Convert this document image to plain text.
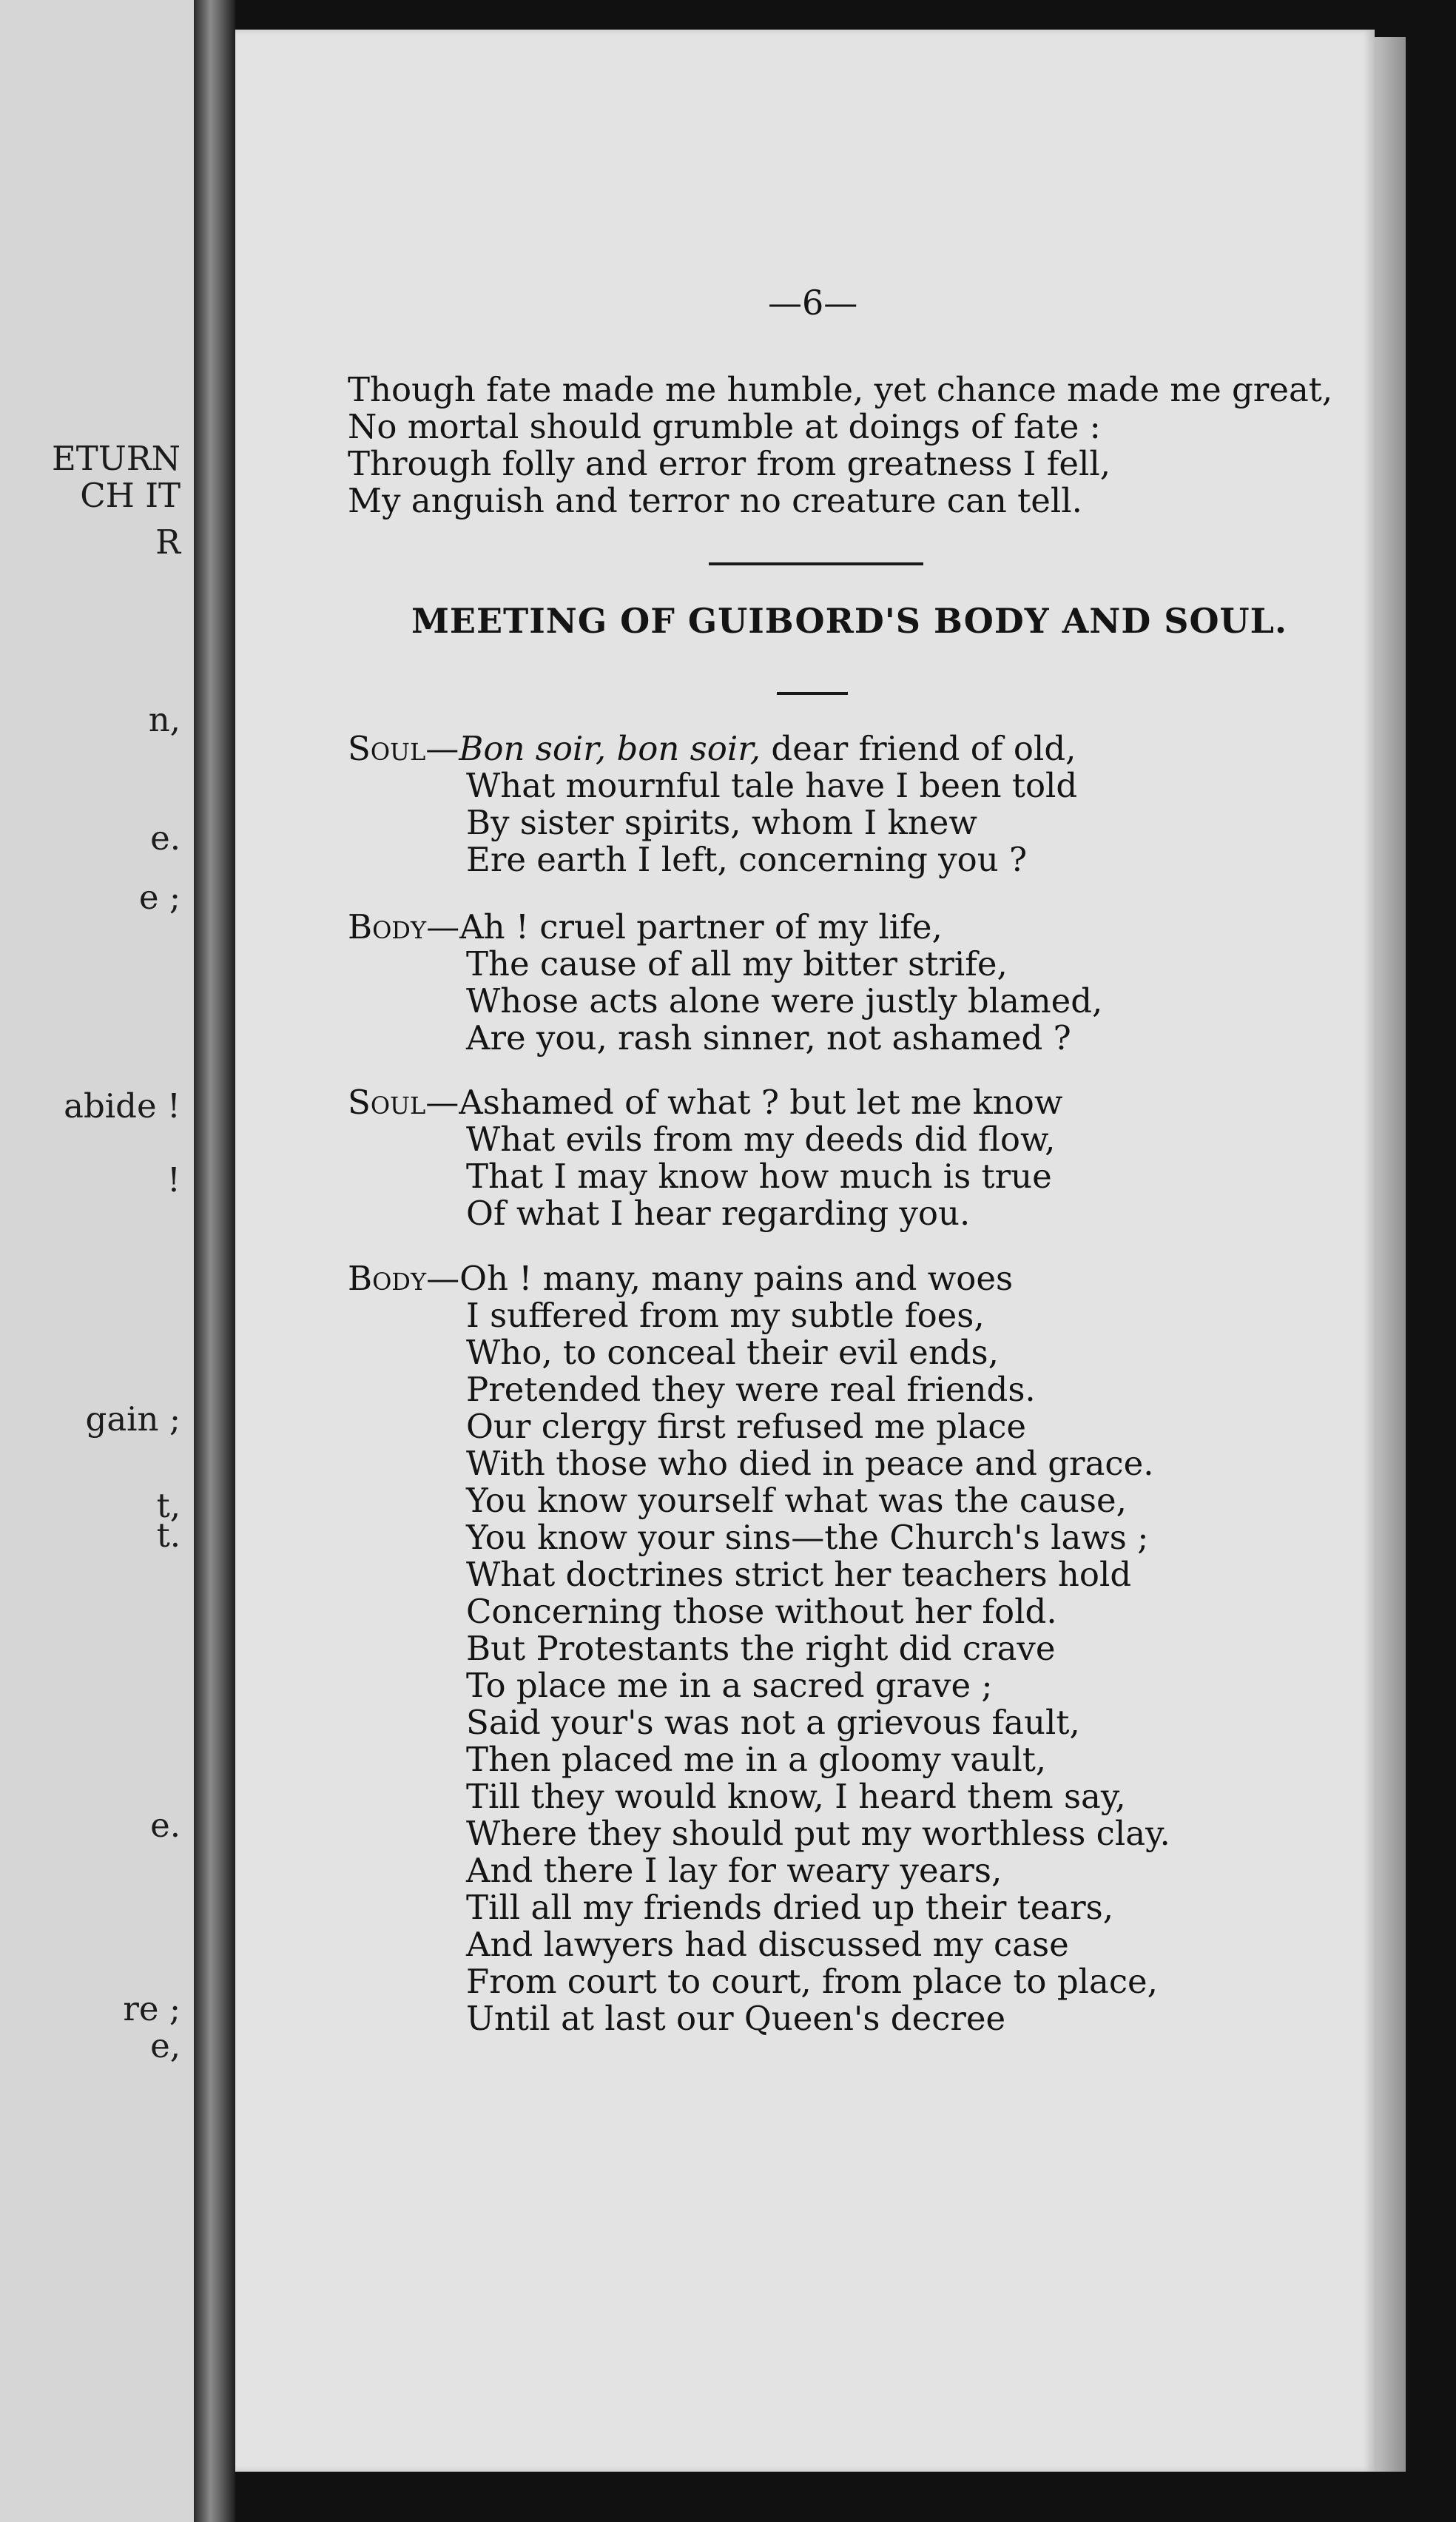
ETURN
CH IT
R
n,
e.
e ;
abide !
!
gain ;
t,
t.
e.
re ;
e,
—6—
MEETING OF GUIBORD'S BODY AND SOUL.
Though fate made me humble, yet chance made me great,
No mortal should grumble at doings of fate :
Through folly and error from greatness I fell,
My anguish and terror no creature can tell.
Soul—Bon soir, bon soir, dear friend of old,
What mournful tale have I been told
By sister spirits, whom I knew
Ere earth I left, concerning you ?
Body—Ah ! cruel partner of my life,
The cause of all my bitter strife,
Whose acts alone were justly blamed,
Are you, rash sinner, not ashamed ?
Soul—Ashamed of what ? but let me know
What evils from my deeds did flow,
That I may know how much is true
Of what I hear regarding you.
Body—Oh ! many, many pains and woes
I suffered from my subtle foes,
Who, to conceal their evil ends,
Pretended they were real friends.
Our clergy first refused me place
With those who died in peace and grace.
You know yourself what was the cause,
You know your sins—the Church's laws ;
What doctrines strict her teachers hold
Concerning those without her fold.
But Protestants the right did crave
To place me in a sacred grave ;
Said your's was not a grievous fault,
Then placed me in a gloomy vault,
Till they would know, I heard them say,
Where they should put my worthless clay.
And there I lay for weary years,
Till all my friends dried up their tears,
And lawyers had discussed my case
From court to court, from place to place,
Until at last our Queen's decree
